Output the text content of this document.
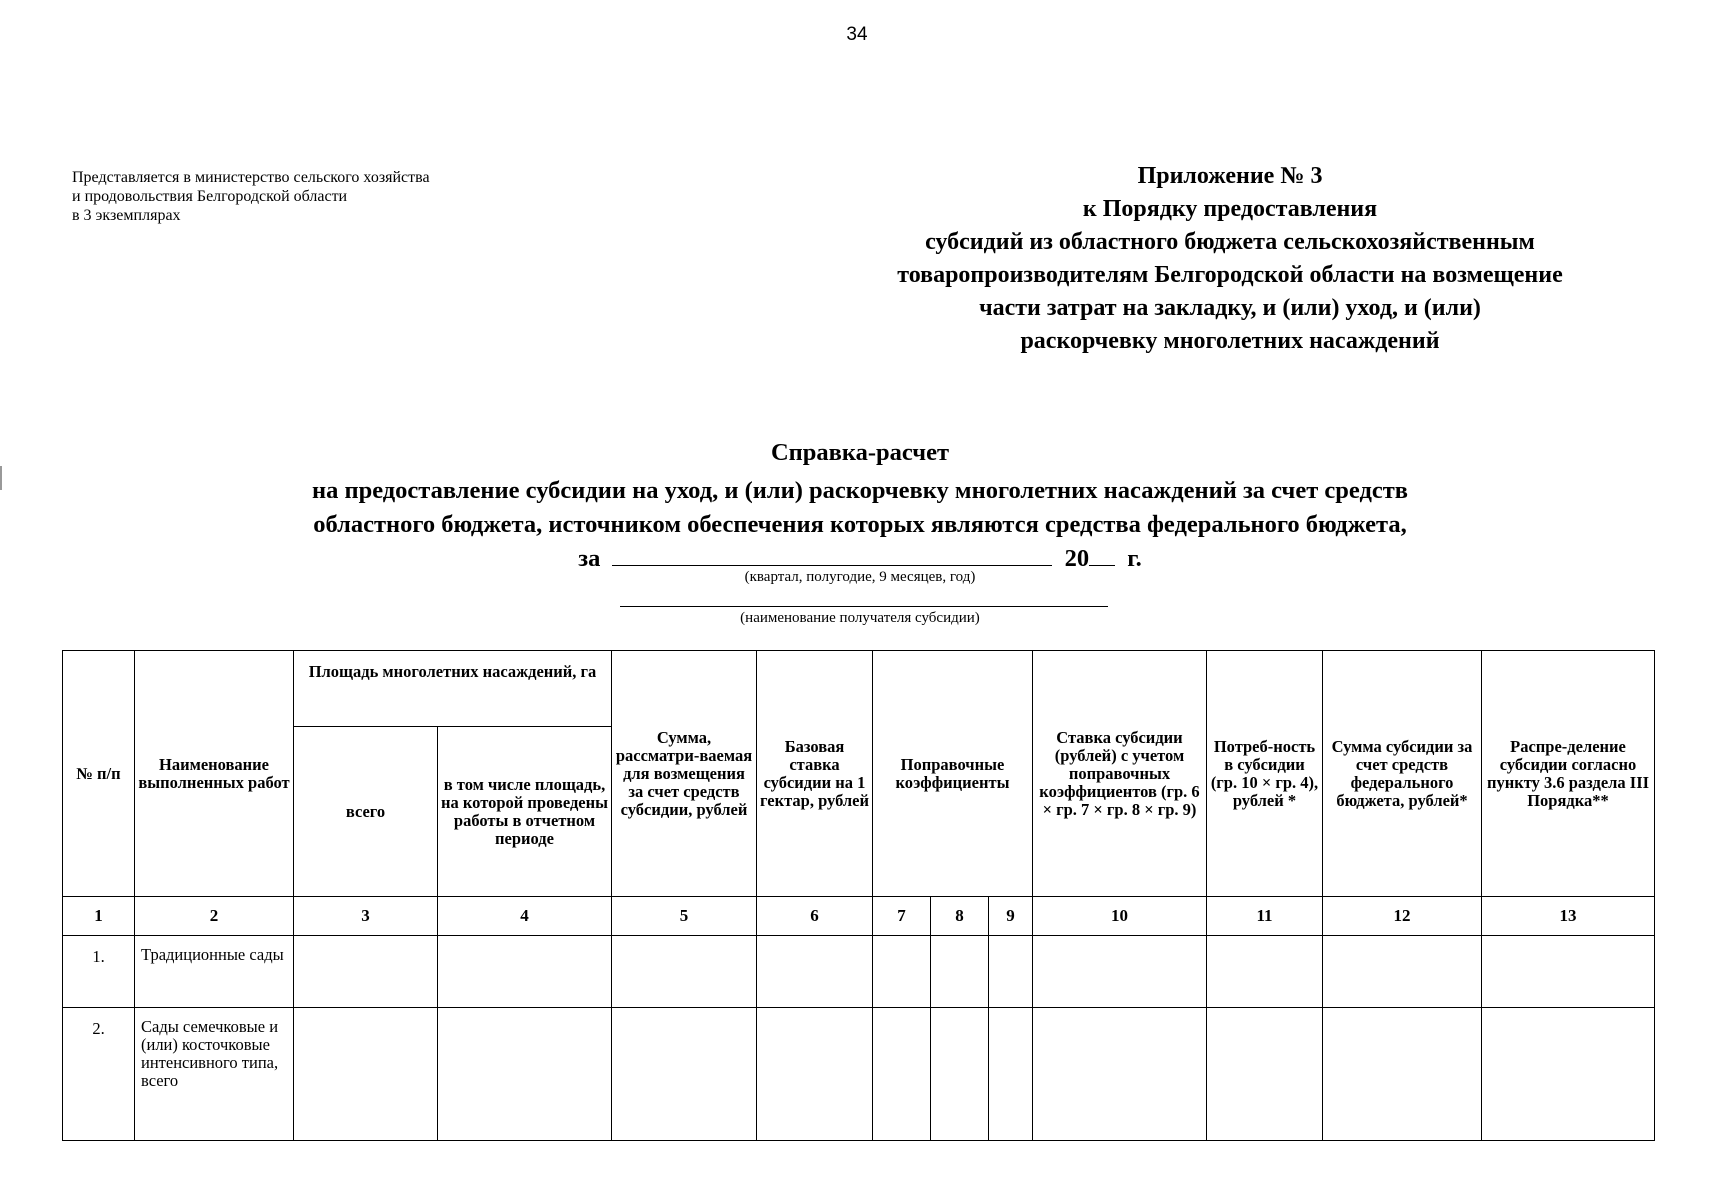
34
Представляется в министерство сельского хозяйства
и продовольствия Белгородской области
в 3 экземплярах
Приложение № 3
к Порядку предоставления
субсидий из областного бюджета сельскохозяйственным
товаропроизводителям Белгородской области на возмещение
части затрат на закладку, и (или) уход, и (или)
раскорчевку многолетних насаждений
Справка-расчет
на предоставление субсидии на уход, и (или) раскорчевку многолетних насаждений за счет средств
областного бюджета, источником обеспечения которых являются средства федерального бюджета,
за	20 г.
(квартал, полугодие, 9 месяцев, год)
(наименование получателя субсидии)
№ п/п	Наименование выполненных работ	Площадь многолетних насаждений, га		Сумма, рассматри-ваемая для возмещения за счет средств субсидии, рублей	Базовая ставка субсидии на 1 гектар, рублей	Поправочные коэффициенты			Ставка субсидии (рублей) с учетом поправочных коэффициентов (гр. 6 × гр. 7 × гр. 8 × гр. 9)	Потреб-ность в субсидии (гр. 10 × гр. 4), рублей *	Сумма субсидии за счет средств федерального бюджета, рублей*	Распре-деление субсидии согласно пункту 3.6 раздела III Порядка**
		всего	в том числе площадь, на которой проведены работы в отчетном периоде									
1	2	3	4	5	6	7	8	9	10	11	12	13
1.	Традиционные сады											
2.	Сады семечковые и (или) косточковые интенсивного типа, всего											
